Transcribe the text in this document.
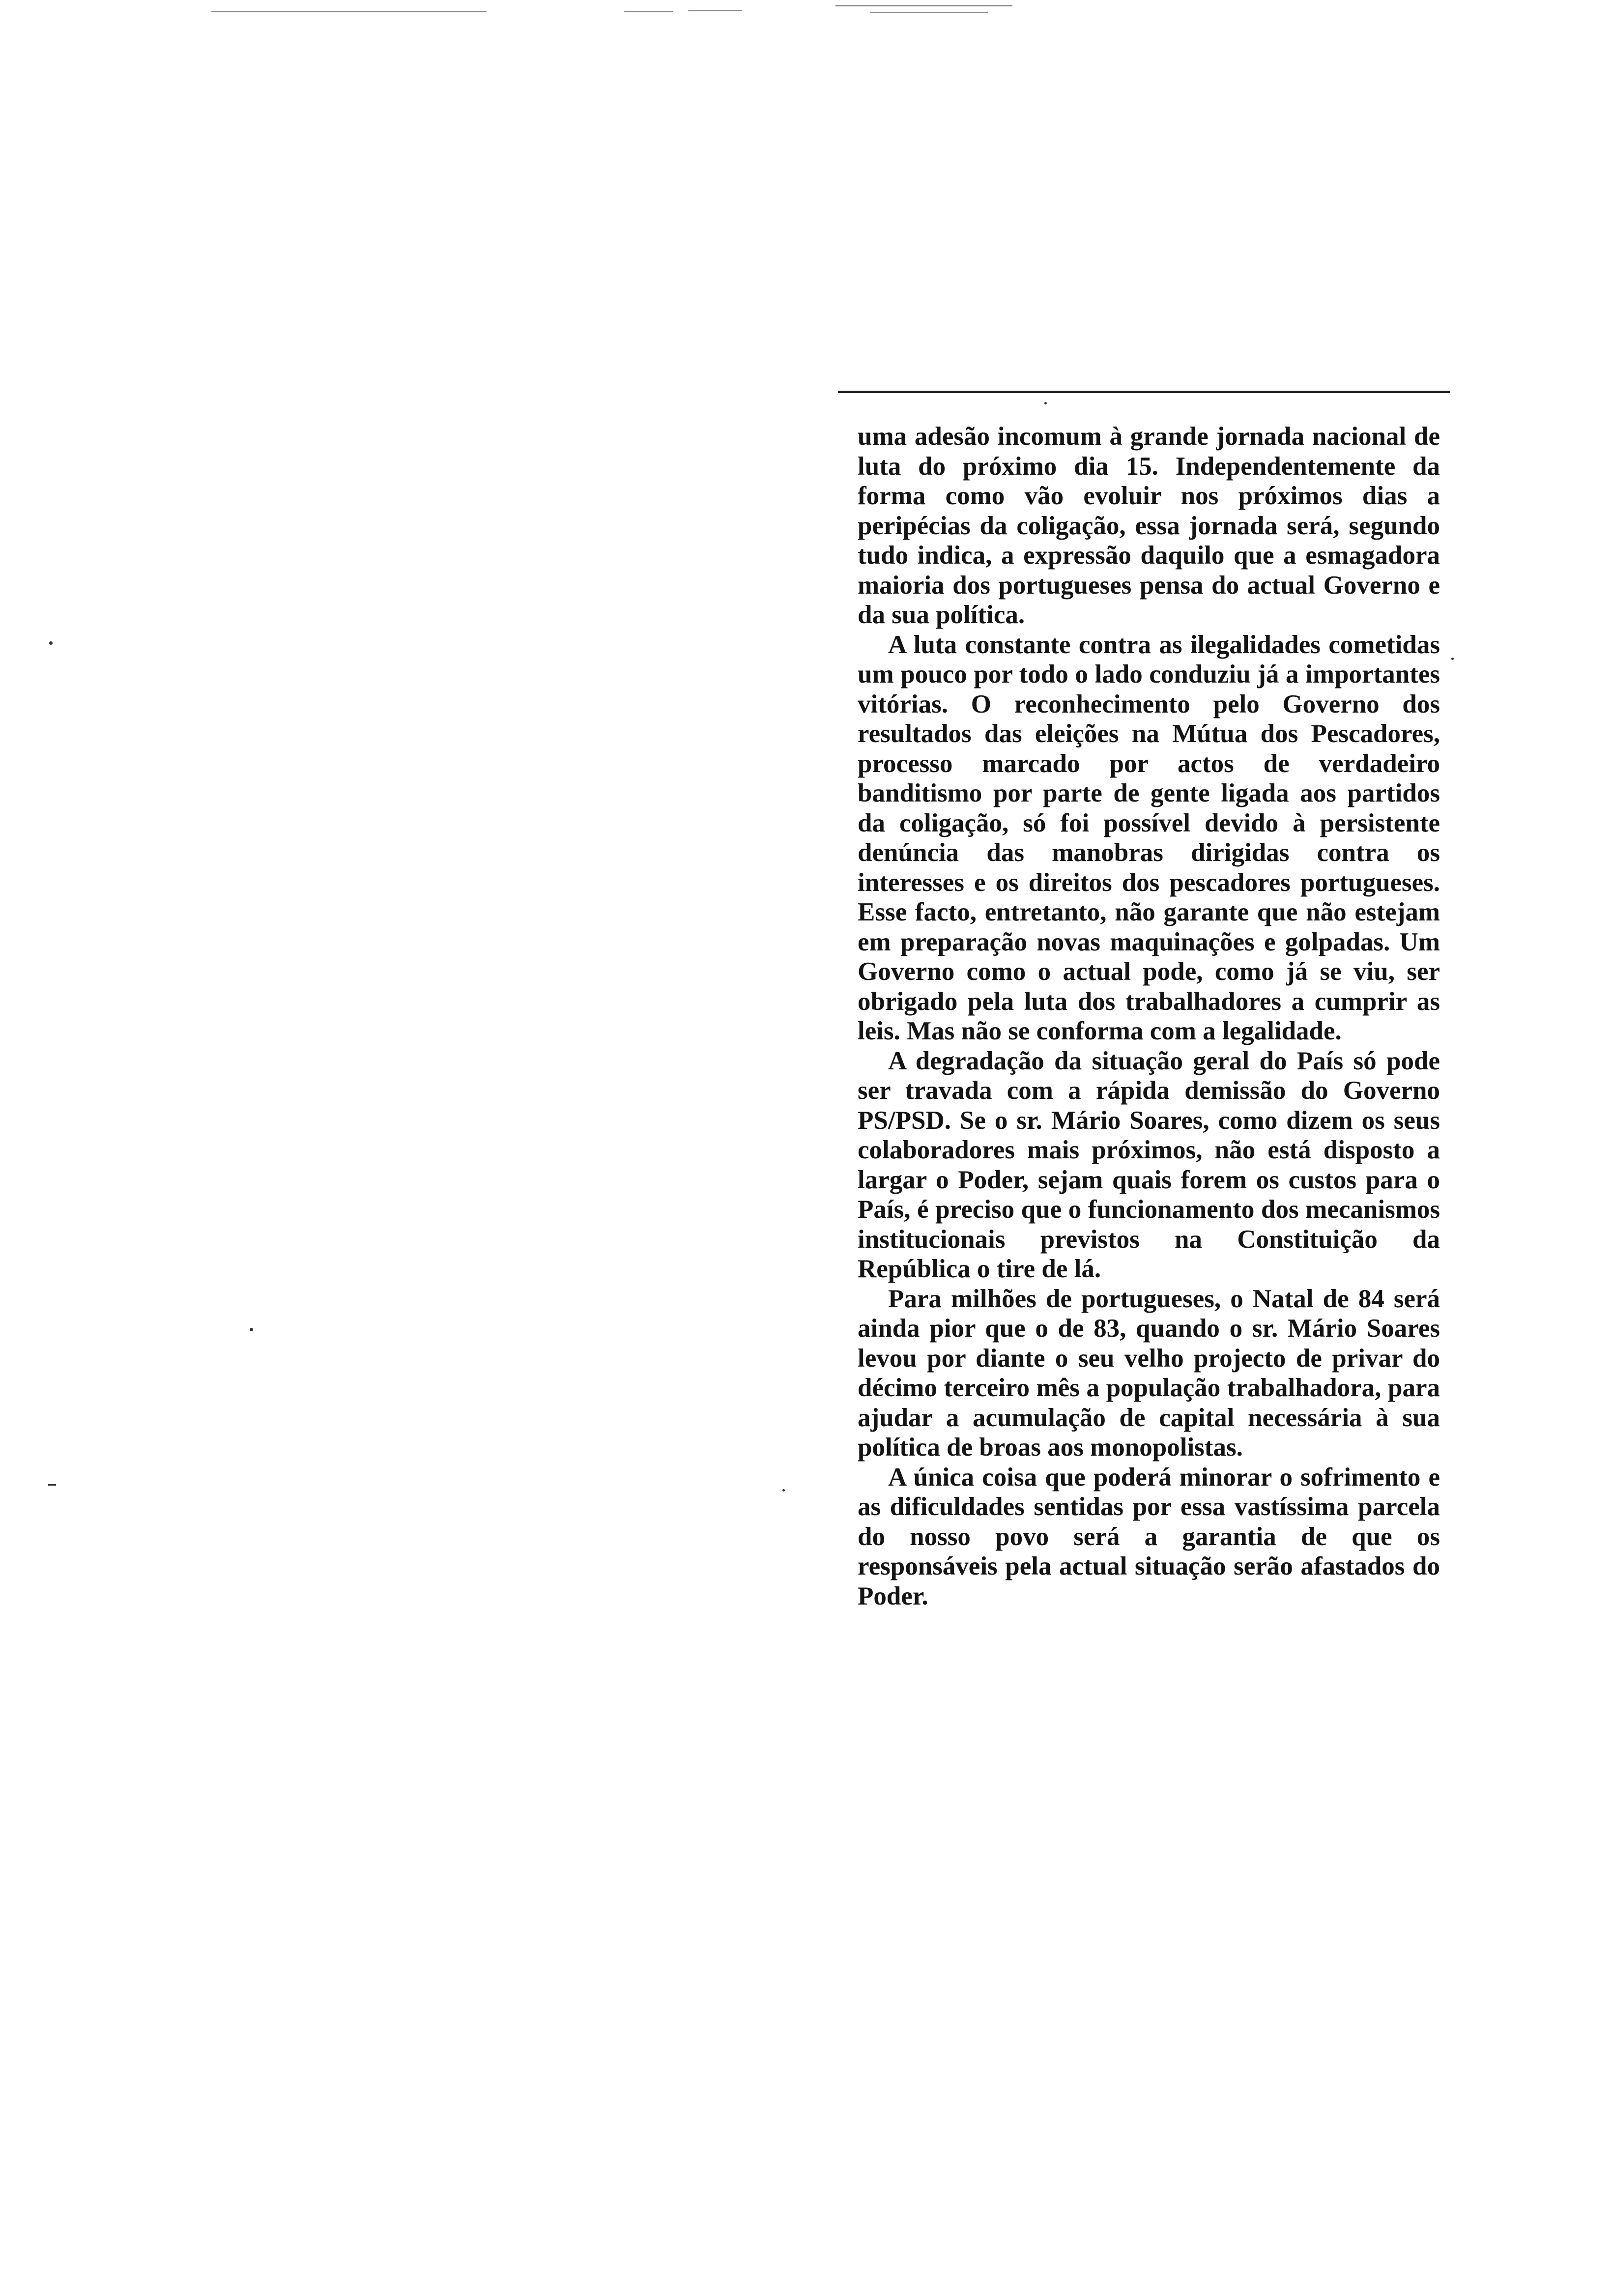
uma adesão incomum à grande jornada nacional de luta do próximo dia 15. Independentemente da forma como vão evoluir nos próximos dias a peripécias da coligação, essa jornada será, segundo tudo indica, a expressão daquilo que a esmagadora maioria dos portugueses pensa do actual Governo e da sua política.

A luta constante contra as ilegalidades cometidas um pouco por todo o lado conduziu já a importantes vitórias. O reconhecimento pelo Governo dos resultados das eleições na Mútua dos Pescadores, processo marcado por actos de verdadeiro banditismo por parte de gente ligada aos partidos da coligação, só foi possível devido à persistente denúncia das manobras dirigidas contra os interesses e os direitos dos pescadores portugueses. Esse facto, entretanto, não garante que não estejam em preparação novas maquinações e golpadas. Um Governo como o actual pode, como já se viu, ser obrigado pela luta dos trabalhadores a cumprir as leis. Mas não se conforma com a legalidade.

A degradação da situação geral do País só pode ser travada com a rápida demissão do Governo PS/PSD. Se o sr. Mário Soares, como dizem os seus colaboradores mais próximos, não está disposto a largar o Poder, sejam quais forem os custos para o País, é preciso que o funcionamento dos mecanismos institucionais previstos na Constituição da República o tire de lá.

Para milhões de portugueses, o Natal de 84 será ainda pior que o de 83, quando o sr. Mário Soares levou por diante o seu velho projecto de privar do décimo terceiro mês a população trabalhadora, para ajudar a acumulação de capital necessária à sua política de broas aos monopolistas.

A única coisa que poderá minorar o sofrimento e as dificuldades sentidas por essa vastíssima parcela do nosso povo será a garantia de que os responsáveis pela actual situação serão afastados do Poder.
